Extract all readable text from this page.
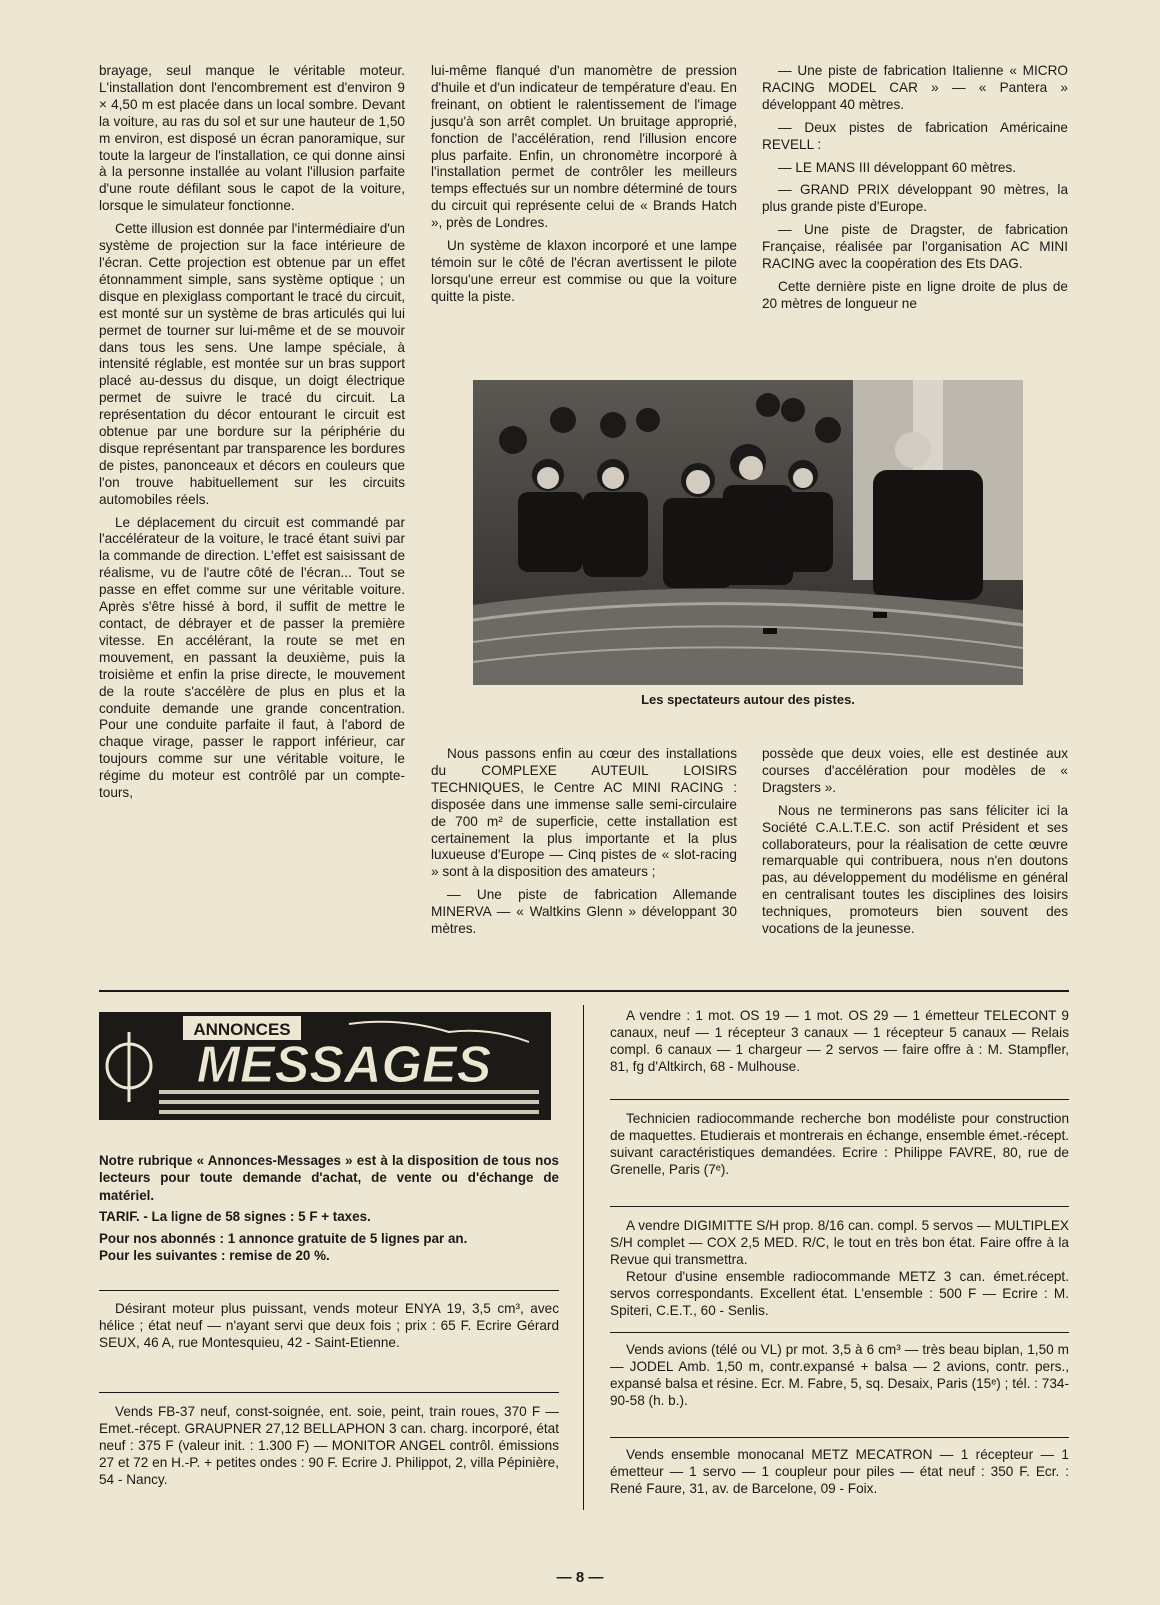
brayage, seul manque le véritable moteur. L'installation dont l'encombrement est d'environ 9 × 4,50 m est placée dans un local sombre. Devant la voiture, au ras du sol et sur une hauteur de 1,50 m environ, est disposé un écran panoramique, sur toute la largeur de l'installation, ce qui donne ainsi à la personne installée au volant l'illusion parfaite d'une route défilant sous le capot de la voiture, lorsque le simulateur fonctionne.

Cette illusion est donnée par l'intermédiaire d'un système de projection sur la face intérieure de l'écran. Cette projection est obtenue par un effet étonnamment simple, sans système optique ; un disque en plexiglass comportant le tracé du circuit, est monté sur un système de bras articulés qui lui permet de tourner sur lui-même et de se mouvoir dans tous les sens. Une lampe spéciale, à intensité réglable, est montée sur un bras support placé au-dessus du disque, un doigt électrique permet de suivre le tracé du circuit. La représentation du décor entourant le circuit est obtenue par une bordure sur la périphérie du disque représentant par transparence les bordures de pistes, panonceaux et décors en couleurs que l'on trouve habituellement sur les circuits automobiles réels.

Le déplacement du circuit est commandé par l'accélérateur de la voiture, le tracé étant suivi par la commande de direction. L'effet est saisissant de réalisme, vu de l'autre côté de l'écran... Tout se passe en effet comme sur une véritable voiture. Après s'être hissé à bord, il suffit de mettre le contact, de débrayer et de passer la première vitesse. En accélérant, la route se met en mouvement, en passant la deuxième, puis la troisième et enfin la prise directe, le mouvement de la route s'accélère de plus en plus et la conduite demande une grande concentration. Pour une conduite parfaite il faut, à l'abord de chaque virage, passer le rapport inférieur, car toujours comme sur une véritable voiture, le régime du moteur est contrôlé par un compte-tours,

lui-même flanqué d'un manomètre de pression d'huile et d'un indicateur de température d'eau. En freinant, on obtient le ralentissement de l'image jusqu'à son arrêt complet. Un bruitage approprié, fonction de l'accélération, rend l'illusion encore plus parfaite. Enfin, un chronomètre incorporé à l'installation permet de contrôler les meilleurs temps effectués sur un nombre déterminé de tours du circuit qui représente celui de « Brands Hatch », près de Londres.

Un système de klaxon incorporé et une lampe témoin sur le côté de l'écran avertissent le pilote lorsqu'une erreur est commise ou que la voiture quitte la piste.

— Une piste de fabrication Italienne « MICRO RACING MODEL CAR » — « Pantera » développant 40 mètres.

— Deux pistes de fabrication Américaine REVELL :

— LE MANS III développant 60 mètres.

— GRAND PRIX développant 90 mètres, la plus grande piste d'Europe.

— Une piste de Dragster, de fabrication Française, réalisée par l'organisation AC MINI RACING avec la coopération des Ets DAG.

Cette dernière piste en ligne droite de plus de 20 mètres de longueur ne

Les spectateurs autour des pistes.

Nous passons enfin au cœur des installations du COMPLEXE AUTEUIL LOISIRS TECHNIQUES, le Centre AC MINI RACING : disposée dans une immense salle semi-circulaire de 700 m² de superficie, cette installation est certainement la plus importante et la plus luxueuse d'Europe — Cinq pistes de « slot-racing » sont à la disposition des amateurs ;

— Une piste de fabrication Allemande MINERVA — « Waltkins Glenn » développant 30 mètres.

possède que deux voies, elle est destinée aux courses d'accélération pour modèles de « Dragsters ».

Nous ne terminerons pas sans féliciter ici la Société C.A.L.T.E.C. son actif Président et ses collaborateurs, pour la réalisation de cette œuvre remarquable qui contribuera, nous n'en doutons pas, au développement du modélisme en général en centralisant toutes les disciplines des loisirs techniques, promoteurs bien souvent des vocations de la jeunesse.

ANNONCES
MESSAGES

Notre rubrique « Annonces-Messages » est à la disposition de tous nos lecteurs pour toute demande d'achat, de vente ou d'échange de matériel.

TARIF. - La ligne de 58 signes : 5 F + taxes.

Pour nos abonnés : 1 annonce gratuite de 5 lignes par an.

Pour les suivantes : remise de 20 %.

Désirant moteur plus puissant, vends moteur ENYA 19, 3,5 cm³, avec hélice ; état neuf — n'ayant servi que deux fois ; prix : 65 F. Ecrire Gérard SEUX, 46 A, rue Montesquieu, 42 - Saint-Etienne.

Vends FB-37 neuf, const-soignée, ent. soie, peint, train roues, 370 F — Emet.-récept. GRAUPNER 27,12 BELLAPHON 3 can. charg. incorporé, état neuf : 375 F (valeur init. : 1.300 F) — MONITOR ANGEL contrôl. émissions 27 et 72 en H.-P. + petites ondes : 90 F. Ecrire J. Philippot, 2, villa Pépinière, 54 - Nancy.

A vendre : 1 mot. OS 19 — 1 mot. OS 29 — 1 émetteur TELECONT 9 canaux, neuf — 1 récepteur 3 canaux — 1 récepteur 5 canaux — Relais compl. 6 canaux — 1 chargeur — 2 servos — faire offre à : M. Stampfler, 81, fg d'Altkirch, 68 - Mulhouse.

Technicien radiocommande recherche bon modéliste pour construction de maquettes. Etudierais et montrerais en échange, ensemble émet.-récept. suivant caractéristiques demandées. Ecrire : Philippe FAVRE, 80, rue de Grenelle, Paris (7ᵉ).

A vendre DIGIMITTE S/H prop. 8/16 can. compl. 5 servos — MULTIPLEX S/H complet — COX 2,5 MED. R/C, le tout en très bon état. Faire offre à la Revue qui transmettra.

Retour d'usine ensemble radiocommande METZ 3 can. émet.récept. servos correspondants. Excellent état. L'ensemble : 500 F — Ecrire : M. Spiteri, C.E.T., 60 - Senlis.

Vends avions (télé ou VL) pr mot. 3,5 à 6 cm³ — très beau biplan, 1,50 m — JODEL Amb. 1,50 m, contr.expansé + balsa — 2 avions, contr. pers., expansé balsa et résine. Ecr. M. Fabre, 5, sq. Desaix, Paris (15ᵉ) ; tél. : 734-90-58 (h. b.).

Vends ensemble monocanal METZ MECATRON — 1 récepteur — 1 émetteur — 1 servo — 1 coupleur pour piles — état neuf : 350 F. Ecr. : René Faure, 31, av. de Barcelone, 09 - Foix.

— 8 —
